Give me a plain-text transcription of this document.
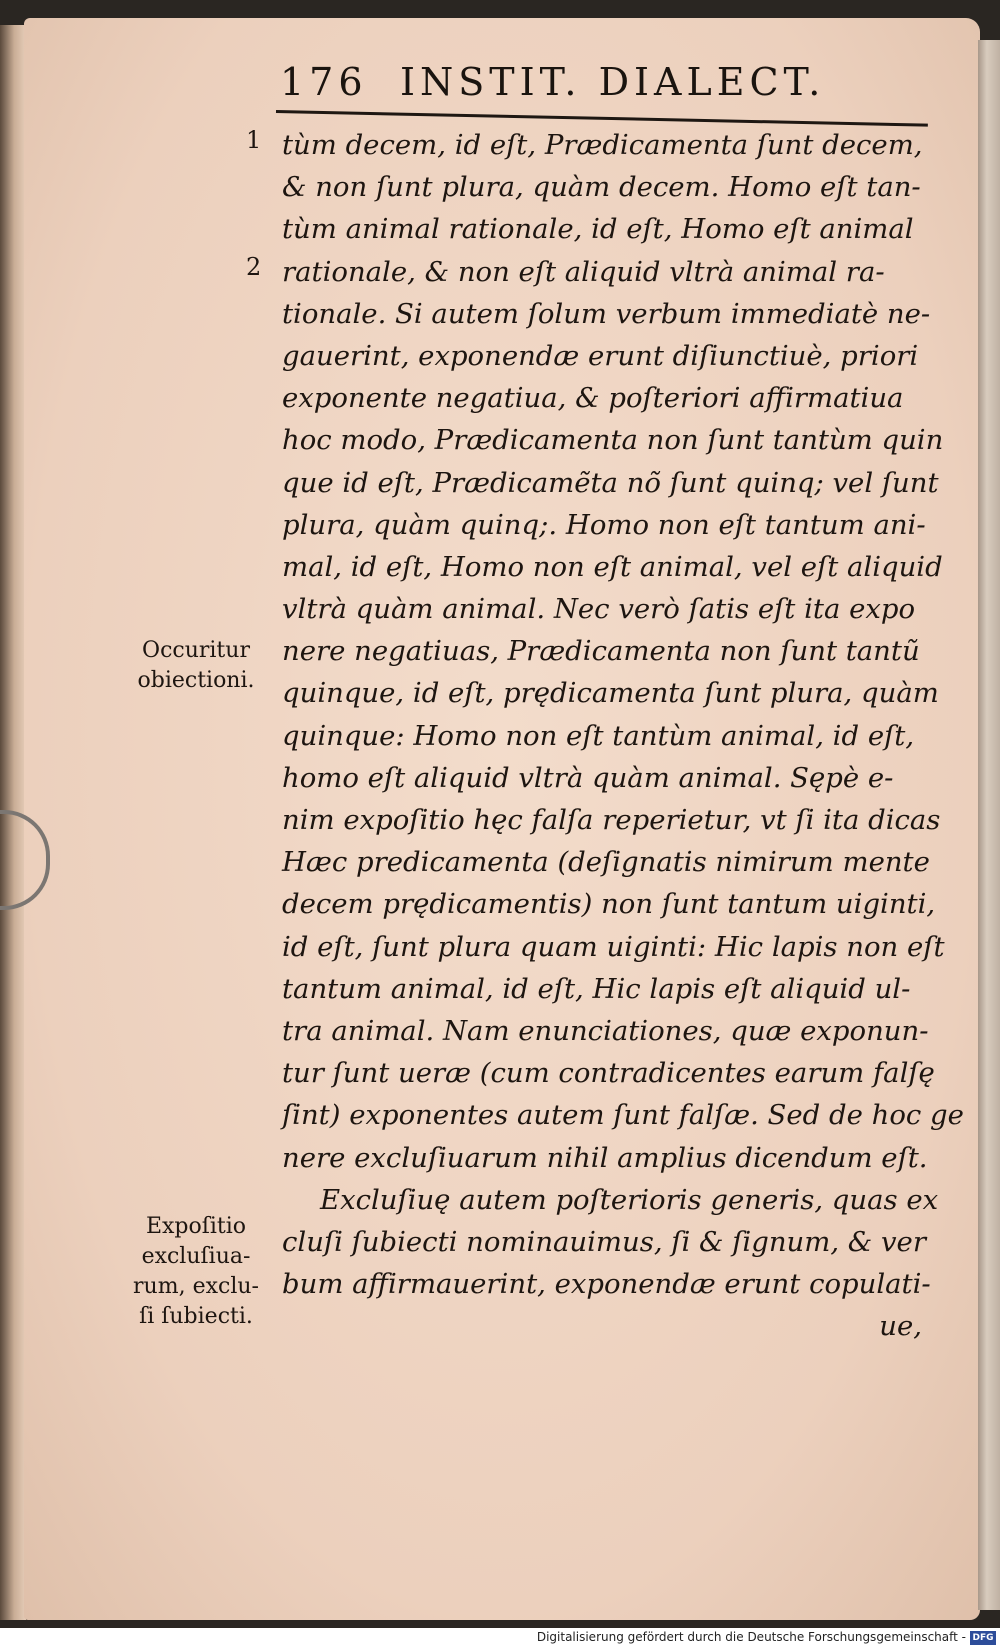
176 INSTIT. DIALECT.
1
2
tùm decem, id eſt, Prædicamenta ſunt decem,
& non ſunt plura, quàm decem. Homo eſt tan-
tùm animal rationale, id eſt, Homo eſt animal
rationale, & non eſt aliquid vltrà animal ra-
tionale. Si autem ſolum verbum immediatè ne-
gauerint, exponendæ erunt diſiunctiuè, priori
exponente negatiua, & poſteriori affirmatiua
hoc modo, Prædicamenta non ſunt tantùm quin
que id eſt, Prædicamẽta nõ ſunt quinq; vel ſunt
plura, quàm quinq;. Homo non eſt tantum ani-
mal, id eſt, Homo non eſt animal, vel eſt aliquid
vltrà quàm animal. Nec verò ſatis eſt ita expo
nere negatiuas, Prædicamenta non ſunt tantũ
quinque, id eſt, prędicamenta ſunt plura, quàm
quinque: Homo non eſt tantùm animal, id eſt,
homo eſt aliquid vltrà quàm animal. Sępè e-
nim expoſitio hęc falſa reperietur, vt ſi ita dicas
Hæc predicamenta (deſignatis nimirum mente
decem prędicamentis) non ſunt tantum uiginti,
id eſt, ſunt plura quam uiginti: Hic lapis non eſt
tantum animal, id eſt, Hic lapis eſt aliquid ul-
tra animal. Nam enunciationes, quæ exponun-
tur ſunt ueræ (cum contradicentes earum falſę
ſint) exponentes autem ſunt falſæ. Sed de hoc ge
nere excluſiuarum nihil amplius dicendum eſt.
Excluſiuę autem poſterioris generis, quas ex
cluſi ſubiecti nominauimus, ſi & ſignum, & ver
bum affirmauerint, exponendæ erunt copulati-
ue,
Occuritur
obiectioni.
Expoſitio
excluſiua-
rum, exclu-
ſi ſubiecti.
Digitalisierung gefördert durch die Deutsche Forschungsgemeinschaft - DFG
